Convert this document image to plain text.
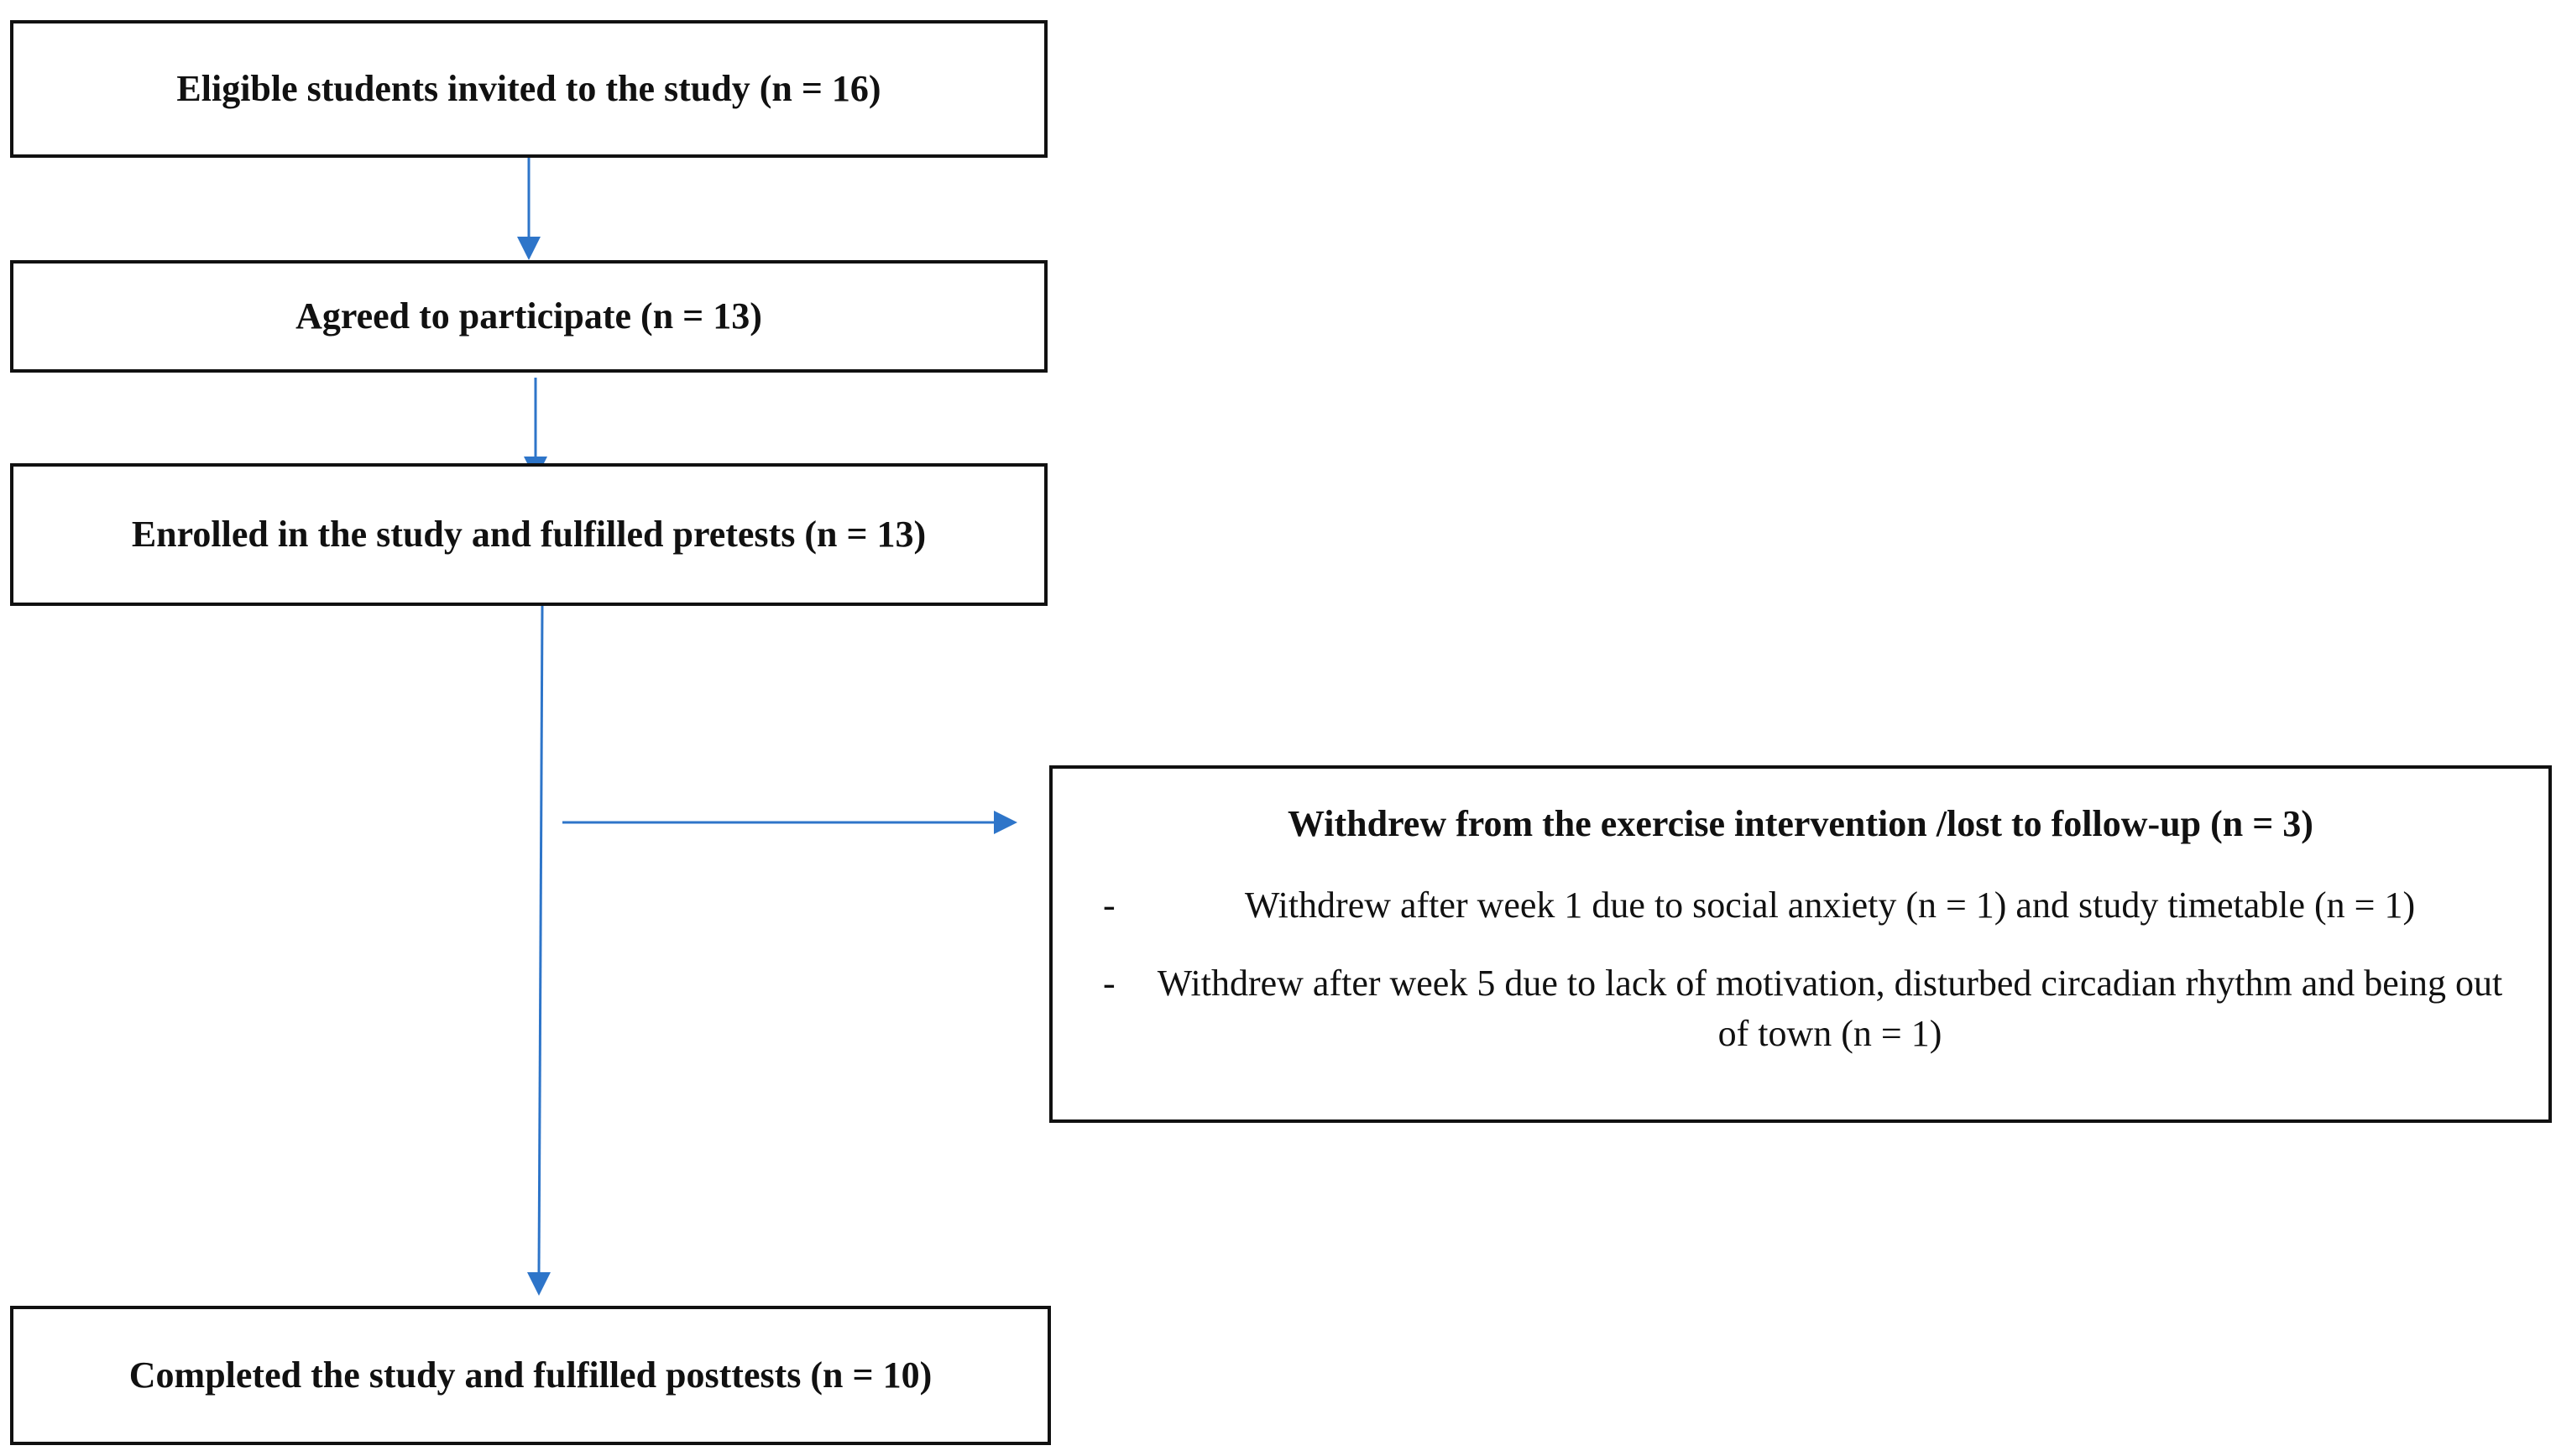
Eligible students invited to the study (n = 16)
Agreed to participate (n = 13)
Enrolled in the study and fulfilled pretests (n = 13)
Withdrew from the exercise intervention /lost to follow-up (n = 3)
-	Withdrew after week 1 due to social anxiety (n = 1) and study timetable (n = 1)
- Withdrew after week 5 due to lack of motivation, disturbed circadian rhythm and being out of town (n = 1)
Completed the study and fulfilled posttests (n = 10)
